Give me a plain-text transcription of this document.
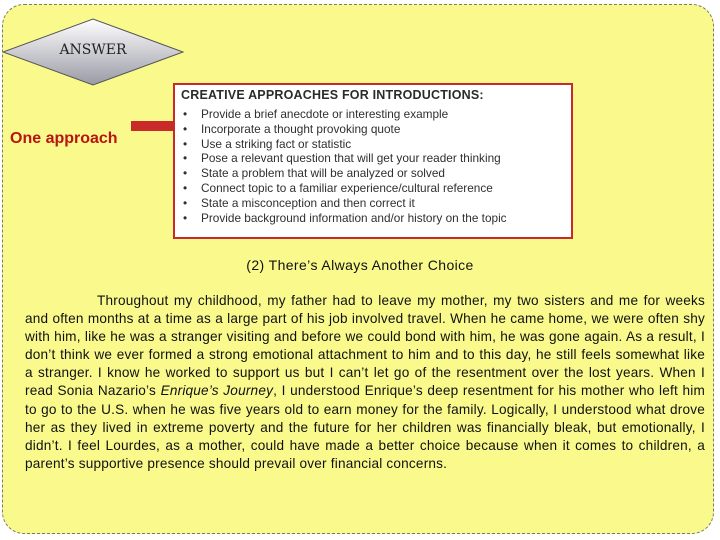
ANSWER
One approach
CREATIVE APPROACHES FOR INTRODUCTIONS:
• Provide a brief anecdote or interesting example
• Incorporate a thought provoking quote
• Use a striking fact or statistic
• Pose a relevant question that will get your reader thinking
• State a problem that will be analyzed or solved
• Connect topic to a familiar experience/cultural reference
• State a misconception and then correct it
• Provide background information and/or history on the topic
(2) There’s Always Another Choice
Throughout my childhood, my father had to leave my mother, my two sisters and me for weeks and often months at a time as a large part of his job involved travel. When he came home, we were often shy with him, like he was a stranger visiting and before we could bond with him, he was gone again. As a result, I don’t think we ever formed a strong emotional attachment to him and to this day, he still feels somewhat like a stranger. I know he worked to support us but I can’t let go of the resentment over the lost years. When I read Sonia Nazario’s Enrique’s Journey, I understood Enrique’s deep resentment for his mother who left him to go to the U.S. when he was five years old to earn money for the family. Logically, I understood what drove her as they lived in extreme poverty and the future for her children was financially bleak, but emotionally, I didn’t. I feel Lourdes, as a mother, could have made a better choice because when it comes to children, a parent’s supportive presence should prevail over financial concerns.
